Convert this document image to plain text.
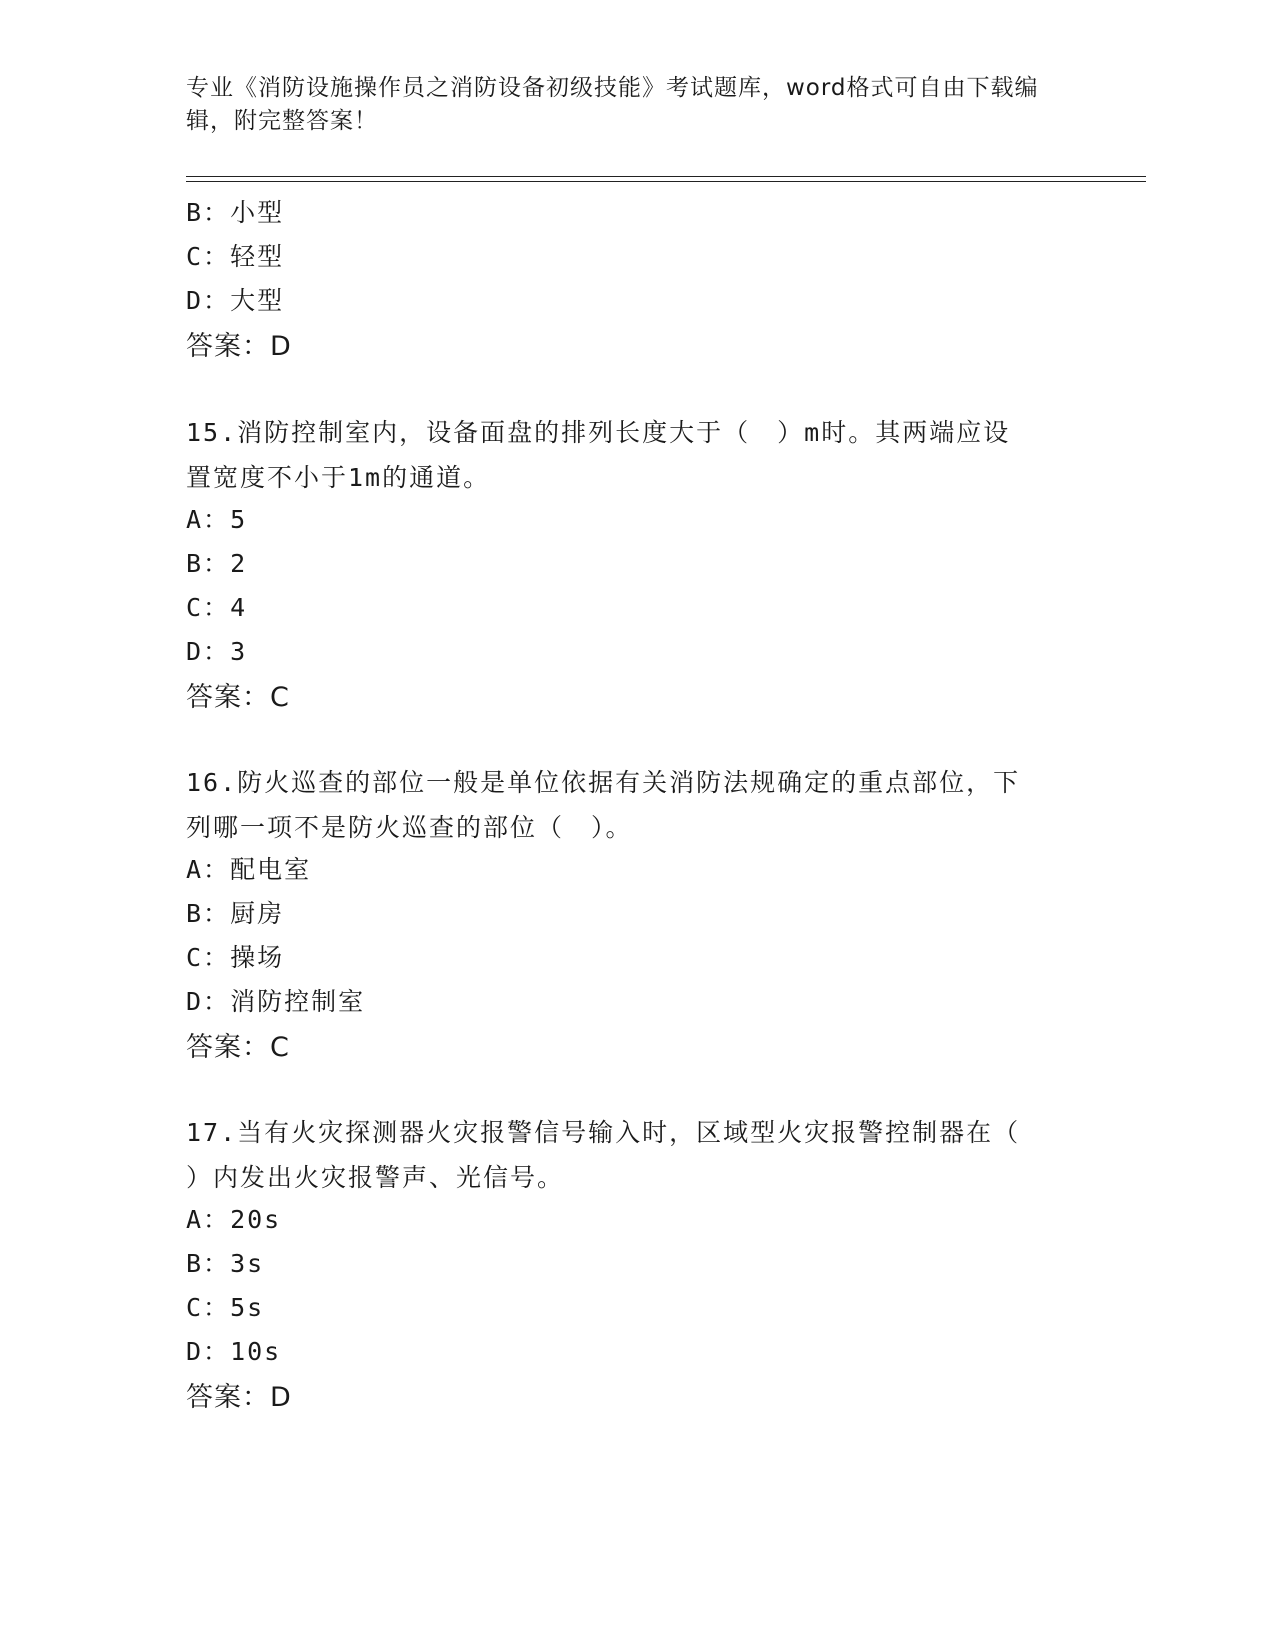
专业《消防设施操作员之消防设备初级技能》考试题库，word格式可自由下载编辑，附完整答案！
B：小型
C：轻型
D：大型
答案：D
15.消防控制室内，设备面盘的排列长度大于（　）m时。其两端应设
置宽度不小于1m的通道。
A：5
B：2
C：4
D：3
答案：C
16.防火巡查的部位一般是单位依据有关消防法规确定的重点部位，下
列哪一项不是防火巡查的部位（　）。
A：配电室
B：厨房
C：操场
D：消防控制室
答案：C
17.当有火灾探测器火灾报警信号输入时，区域型火灾报警控制器在（
）内发出火灾报警声、光信号。
A：20s
B：3s
C：5s
D：10s
答案：D
